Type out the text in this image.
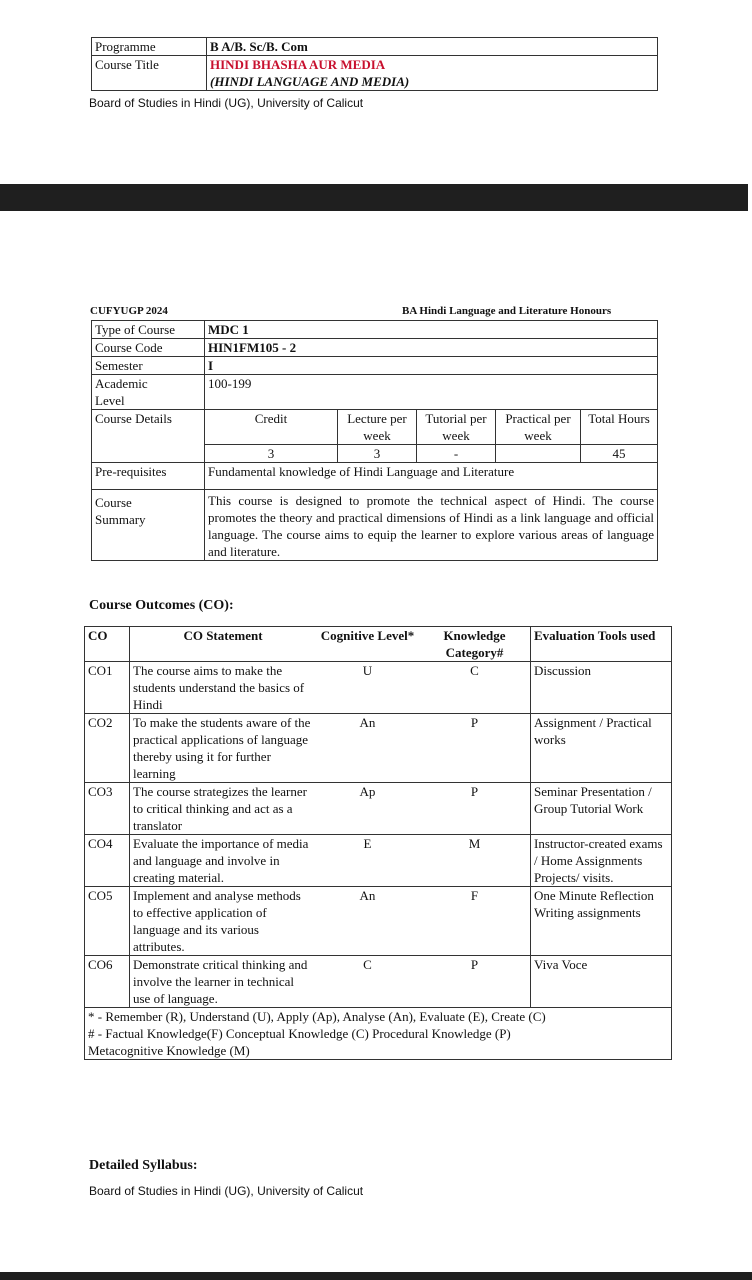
Programme	B A/B. Sc/B. Com
Course Title	HINDI BHASHA AUR MEDIA
(HINDI LANGUAGE AND MEDIA)
Board of Studies in Hindi (UG), University of Calicut
CUFYUGP 2024	BA Hindi Language and Literature Honours
Type of Course	MDC 1
Course Code	HIN1FM105 - 2
Semester	I

Academic
Level
	100-199
Course Details		Credit	Lecture per week	Tutorial per week	Practical per week	Total Hours
3	3	-		45

Pre-requisites	Fundamental knowledge of Hindi Language and Literature

Course
Summary
	This course is designed to promote the technical aspect of Hindi. The course promotes the theory and practical dimensions of Hindi as a link language and official language. The course aims to equip the learner to explore various areas of language and literature.
Course Outcomes (CO):
CO	CO Statement	Cognitive Level*	Knowledge Category#	Evaluation Tools used
CO1	The course aims to make the students understand the basics of Hindi	U	C	Discussion
CO2	To make the students aware of the practical applications of language thereby using it for further learning	An	P	Assignment / Practical works
CO3	The course strategizes the learner to critical thinking and act as a translator	Ap	P	Seminar Presentation / Group Tutorial Work
CO4	Evaluate the importance of media and language and involve in creating material.	E	M	Instructor-created exams / Home Assignments Projects/ visits.
CO5	Implement and analyse methods to effective application of language and its various attributes.	An	F	One Minute Reflection Writing assignments
CO6	Demonstrate critical thinking and involve the learner in technical use of language.	C	P	Viva Voce

* - Remember (R), Understand (U), Apply (Ap), Analyse (An), Evaluate (E), Create (C)
# - Factual Knowledge(F) Conceptual Knowledge (C) Procedural Knowledge (P)
Metacognitive Knowledge (M)				
Detailed Syllabus:
Board of Studies in Hindi (UG), University of Calicut
